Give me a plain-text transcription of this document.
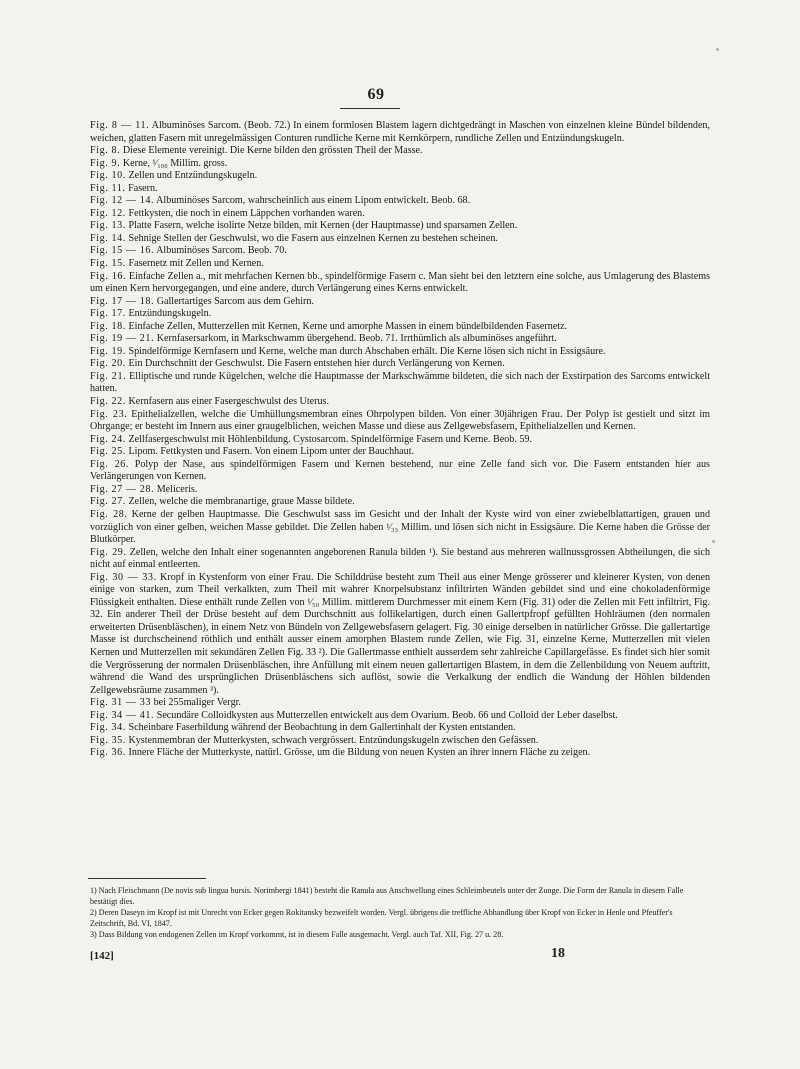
69

Fig. 8 — 11. Albuminöses Sarcom. (Beob. 72.) In einem formlosen Blastem lagern dichtgedrängt in Maschen von einzelnen kleine Bündel bildenden, weichen, glatten Fasern mit unregelmässigen Conturen rundliche Kerne mit Kernkörpern, rundliche Zellen und Entzündungskugeln.

Fig. 8. Diese Elemente vereinigt. Die Kerne bilden den grössten Theil der Masse.

Fig. 9. Kerne, ¹⁄₁₀₀ Millim. gross.

Fig. 10. Zellen und Entzündungskugeln.

Fig. 11. Fasern.

Fig. 12 — 14. Albuminöses Sarcom, wahrscheinlich aus einem Lipom entwickelt. Beob. 68.

Fig. 12. Fettkysten, die noch in einem Läppchen vorhanden waren.

Fig. 13. Platte Fasern, welche isolirte Netze bilden, mit Kernen (der Hauptmasse) und sparsamen Zellen.

Fig. 14. Sehnige Stellen der Geschwulst, wo die Fasern aus einzelnen Kernen zu bestehen scheinen.

Fig. 15 — 16. Albuminöses Sarcom. Beob. 70.

Fig. 15. Fasernetz mit Zellen und Kernen.

Fig. 16. Einfache Zellen a., mit mehrfachen Kernen bb., spindelförmige Fasern c. Man sieht bei den letztern eine solche, aus Umlagerung des Blastems um einen Kern hervorgegangen, und eine andere, durch Verlängerung eines Kerns entwickelt.

Fig. 17 — 18. Gallertartiges Sarcom aus dem Gehirn.

Fig. 17. Entzündungskugeln.

Fig. 18. Einfache Zellen, Mutterzellen mit Kernen, Kerne und amorphe Massen in einem bündelbildenden Fasernetz.

Fig. 19 — 21. Kernfasersarkom, in Markschwamm übergehend. Beob. 71. Irrthümlich als albuminöses angeführt.

Fig. 19. Spindelförmige Kernfasern und Kerne, welche man durch Abschaben erhält. Die Kerne lösen sich nicht in Essigsäure.

Fig. 20. Ein Durchschnitt der Geschwulst. Die Fasern entstehen hier durch Verlängerung von Kernen.

Fig. 21. Elliptische und runde Kügelchen, welche die Hauptmasse der Markschwämme bildeten, die sich nach der Exstirpation des Sarcoms entwickelt hatten.

Fig. 22. Kernfasern aus einer Fasergeschwulst des Uterus.

Fig. 23. Epithelialzellen, welche die Umhüllungsmembran eines Ohrpolypen bilden. Von einer 30jährigen Frau. Der Polyp ist gestielt und sitzt im Ohrgange; er besteht im Innern aus einer graugelblichen, weichen Masse und diese aus Zellgewebsfasern, Epithelialzellen und Kernen.

Fig. 24. Zellfasergeschwulst mit Höhlenbildung. Cystosarcom. Spindelförmige Fasern und Kerne. Beob. 59.

Fig. 25. Lipom. Fettkysten und Fasern. Von einem Lipom unter der Bauchhaut.

Fig. 26. Polyp der Nase, aus spindelförmigen Fasern und Kernen bestehend, nur eine Zelle fand sich vor. Die Fasern entstanden hier aus Verlängerungen von Kernen.

Fig. 27 — 28. Meliceris.

Fig. 27. Zellen, welche die membranartige, graue Masse bildete.

Fig. 28. Kerne der gelben Hauptmasse. Die Geschwulst sass im Gesicht und der Inhalt der Kyste wird von einer zwiebelblattartigen, grauen und vorzüglich von einer gelben, weichen Masse gebildet. Die Zellen haben ¹⁄₃₃ Millim. und lösen sich nicht in Essigsäure. Die Kerne haben die Grösse der Blutkörper.

Fig. 29. Zellen, welche den Inhalt einer sogenannten angeborenen Ranula bilden ¹). Sie bestand aus mehreren wallnussgrossen Abtheilungen, die sich nicht auf einmal entleerten.

Fig. 30 — 33. Kropf in Kystenform von einer Frau. Die Schilddrüse besteht zum Theil aus einer Menge grösserer und kleinerer Kysten, von denen einige von starken, zum Theil verkalkten, zum Theil mit wahrer Knorpelsubstanz infiltrirten Wänden gebildet sind und eine chokoladenförmige Flüssigkeit enthalten. Diese enthält runde Zellen von ¹⁄₅₀ Millim. mittlerem Durchmesser mit einem Kern (Fig. 31) oder die Zellen mit Fett infiltrirt, Fig. 32. Ein anderer Theil der Drüse besteht auf dem Durchschnitt aus follikelartigen, durch einen Gallertpfropf gefüllten Hohlräumen (den normalen erweiterten Drüsenbläschen), in einem Netz von Bündeln von Zellgewebsfasern gelagert. Fig. 30 einige derselben in natürlicher Grösse. Die gallertartige Masse ist durchscheinend röthlich und enthält ausser einem amorphen Blastem runde Zellen, wie Fig. 31, einzelne Kerne, Mutterzellen mit vielen Kernen und Mutterzellen mit sekundären Zellen Fig. 33 ²). Die Gallertmasse enthielt ausserdem sehr zahlreiche Capillargefässe. Es findet sich hier somit die Vergrösserung der normalen Drüsenbläschen, ihre Anfüllung mit einem neuen gallertartigen Blastem, in dem die Zellenbildung von Neuem auftritt, während die Wand des ursprünglichen Drüsenbläschens sich auflöst, sowie die Verkalkung der endlich die Wandung der Höhlen bildenden Zellgewebsräume zusammen ³).

Fig. 31 — 33 bei 255maliger Vergr.

Fig. 34 — 41. Secundäre Colloidkysten aus Mutterzellen entwickelt aus dem Ovarium. Beob. 66 und Colloid der Leber daselbst.

Fig. 34. Scheinbare Faserbildung während der Beobachtung in dem Gallertinhalt der Kysten entstanden.

Fig. 35. Kystenmembran der Mutterkysten, schwach vergrössert. Entzündungskugeln zwischen den Gefässen.

Fig. 36. Innere Fläche der Mutterkyste, natürl. Grösse, um die Bildung von neuen Kysten an ihrer innern Fläche zu zeigen.

1) Nach Fleischmann (De novis sub lingua bursis. Norimbergi 1841) besteht die Ranula aus Anschwellung eines Schleimbeutels unter der Zunge. Die Form der Ranula in diesem Falle bestätigt dies.

2) Deren Daseyn im Kropf ist mit Unrecht von Ecker gegen Rokitansky bezweifelt worden. Vergl. übrigens die treffliche Abhandlung über Kropf von Ecker in Henle und Pfeuffer's Zeitschrift, Bd. VI, 1847.

3) Dass Bildung von endogenen Zellen im Kropf vorkommt, ist in diesem Falle ausgemacht. Vergl. auch Taf. XII, Fig. 27 u. 28.

[142]	18
